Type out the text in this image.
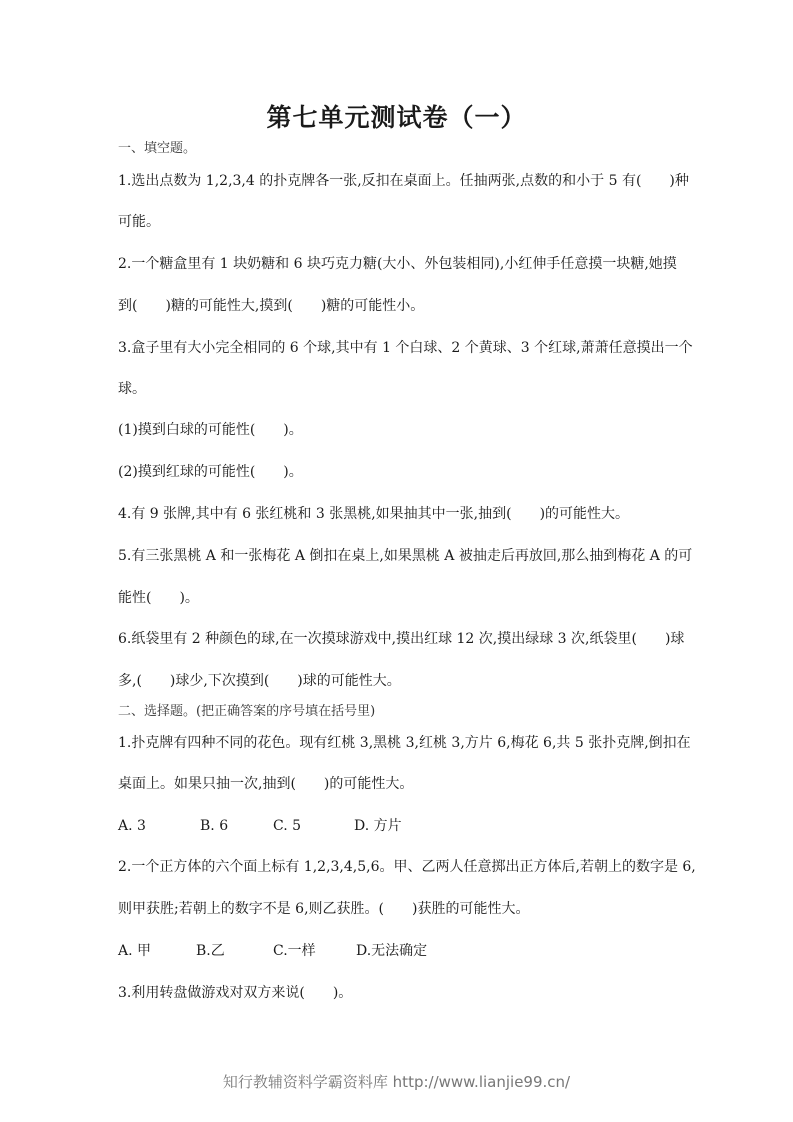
第七单元测试卷（一）
一、填空题。
1.选出点数为 1,2,3,4 的扑克牌各一张,反扣在桌面上。任抽两张,点数的和小于 5 有(　　)种
可能。
2.一个糖盒里有 1 块奶糖和 6 块巧克力糖(大小、外包装相同),小红伸手任意摸一块糖,她摸
到(　　)糖的可能性大,摸到(　　)糖的可能性小。
3.盒子里有大小完全相同的 6 个球,其中有 1 个白球、2 个黄球、3 个红球,萧萧任意摸出一个
球。
(1)摸到白球的可能性(　　)。
(2)摸到红球的可能性(　　)。
4.有 9 张牌,其中有 6 张红桃和 3 张黑桃,如果抽其中一张,抽到(　　)的可能性大。
5.有三张黑桃 A 和一张梅花 A 倒扣在桌上,如果黑桃 A 被抽走后再放回,那么抽到梅花 A 的可
能性(　　)。
6.纸袋里有 2 种颜色的球,在一次摸球游戏中,摸出红球 12 次,摸出绿球 3 次,纸袋里(　　)球
多,(　　)球少,下次摸到(　　)球的可能性大。
二、选择题。(把正确答案的序号填在括号里)
1.扑克牌有四种不同的花色。现有红桃 3,黑桃 3,红桃 3,方片 6,梅花 6,共 5 张扑克牌,倒扣在
桌面上。如果只抽一次,抽到(　　)的可能性大。
A. 3	B. 6	C. 5	D. 方片
2.一个正方体的六个面上标有 1,2,3,4,5,6。甲、乙两人任意掷出正方体后,若朝上的数字是 6,
则甲获胜;若朝上的数字不是 6,则乙获胜。(　　)获胜的可能性大。
A. 甲	B.乙	C.一样	D.无法确定
3.利用转盘做游戏对双方来说(　　)。
知行教辅资料学霸资料库 http://www.lianjie99.cn/
